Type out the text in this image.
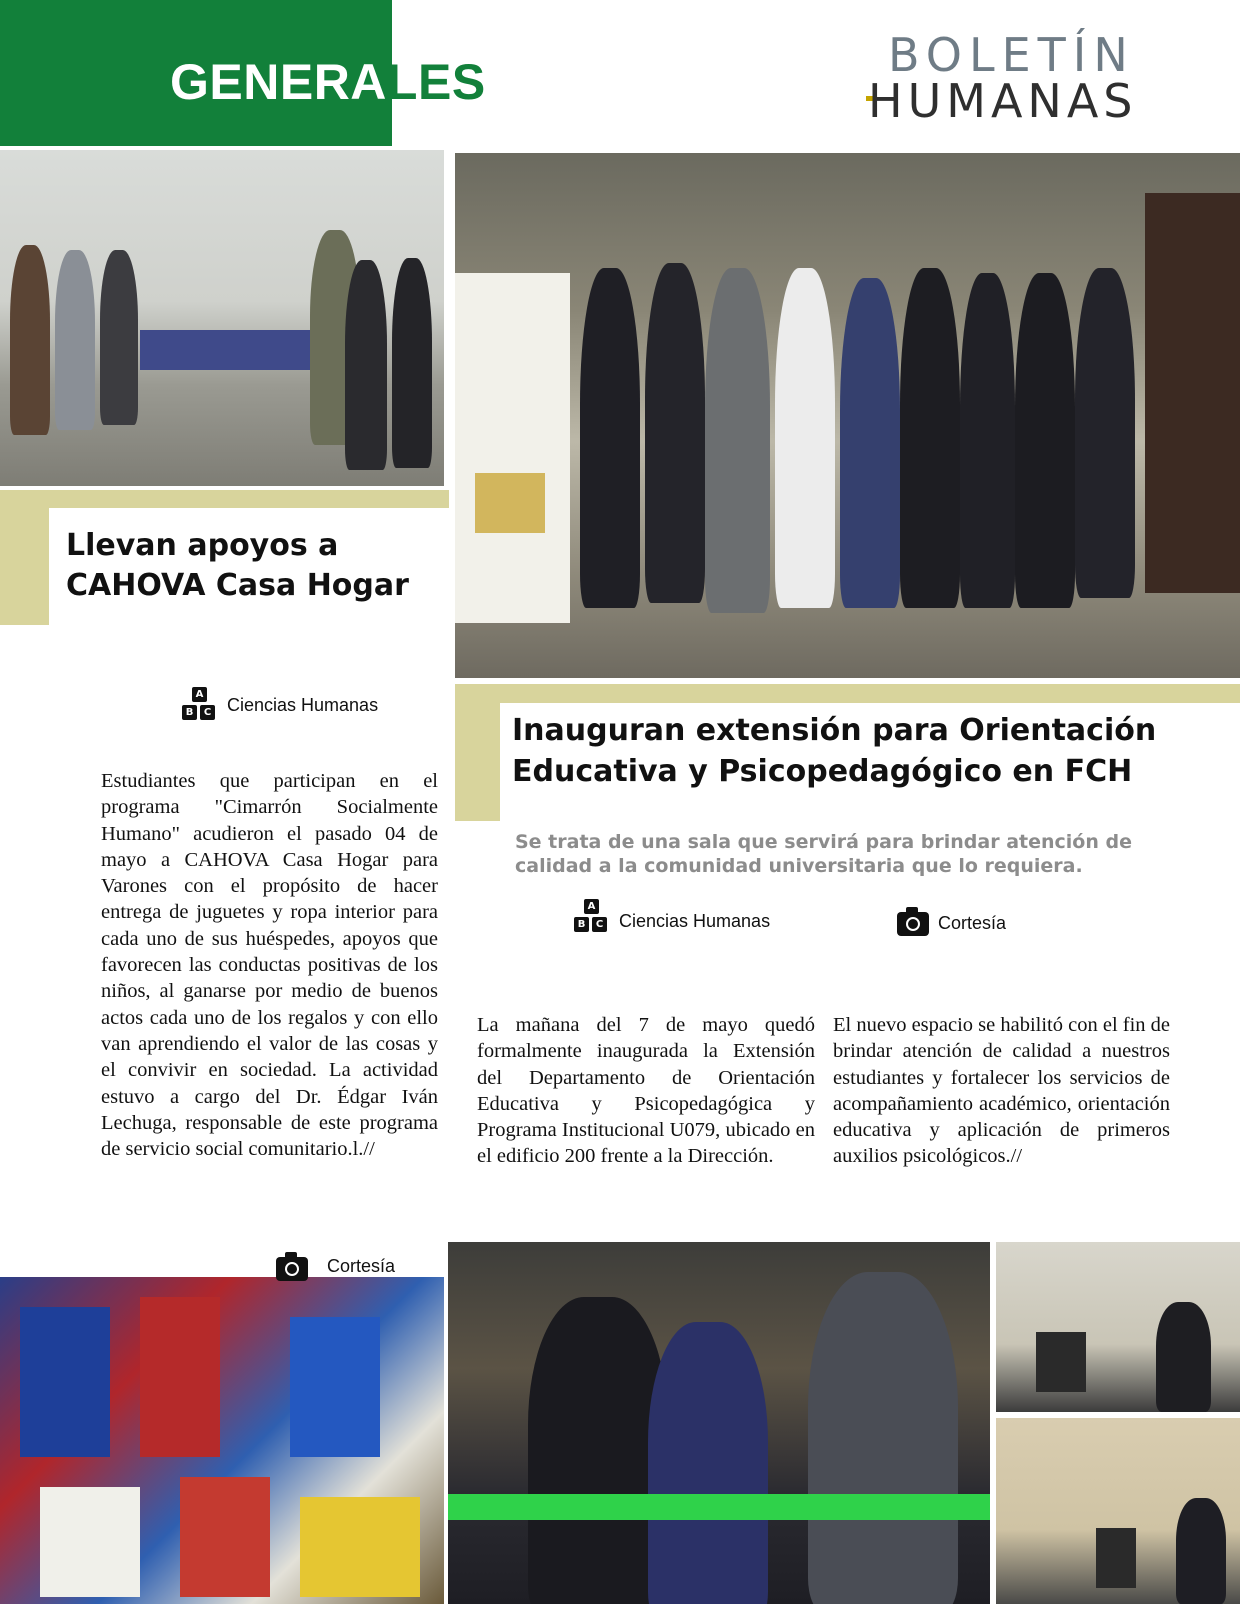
GENERALES	BOLETÍN
HUMANAS
Llevan apoyos a
CAHOVA Casa Hogar
A
B	C Ciencias Humanas

Estudiantes que participan en el programa "Cimarrón Socialmente Humano" acudieron el pasado 04 de mayo a CAHOVA Casa Hogar para Varones con el propósito de hacer entrega de juguetes y ropa interior para cada uno de sus huéspedes, apoyos que favorecen las conductas positivas de los niños, al ganarse por medio de buenos actos cada uno de los regalos y con ello van aprendiendo el valor de las cosas y el convivir en sociedad. La actividad estuvo a cargo del Dr. Édgar Iván Lechuga, responsable de este programa de servicio social comunitario.l.//

Cortesía
Inauguran extensión para Orientación
Educativa y Psicopedagógico en FCH
Se trata de una sala que servirá para brindar atención de calidad a la comunidad universitaria que lo requiera.
A
B	C Ciencias Humanas	Cortesía

La mañana del 7 de mayo quedó formalmente inaugurada la Extensión del Departamento de Orientación Educativa y Psicopedagógica y Programa Institucional U079, ubicado en el edificio 200 frente a la Dirección.

El nuevo espacio se habilitó con el fin de brindar atención de calidad a nuestros estudiantes y fortalecer los servicios de acompañamiento académico, orientación educativa y aplicación de primeros auxilios psicológicos.//
